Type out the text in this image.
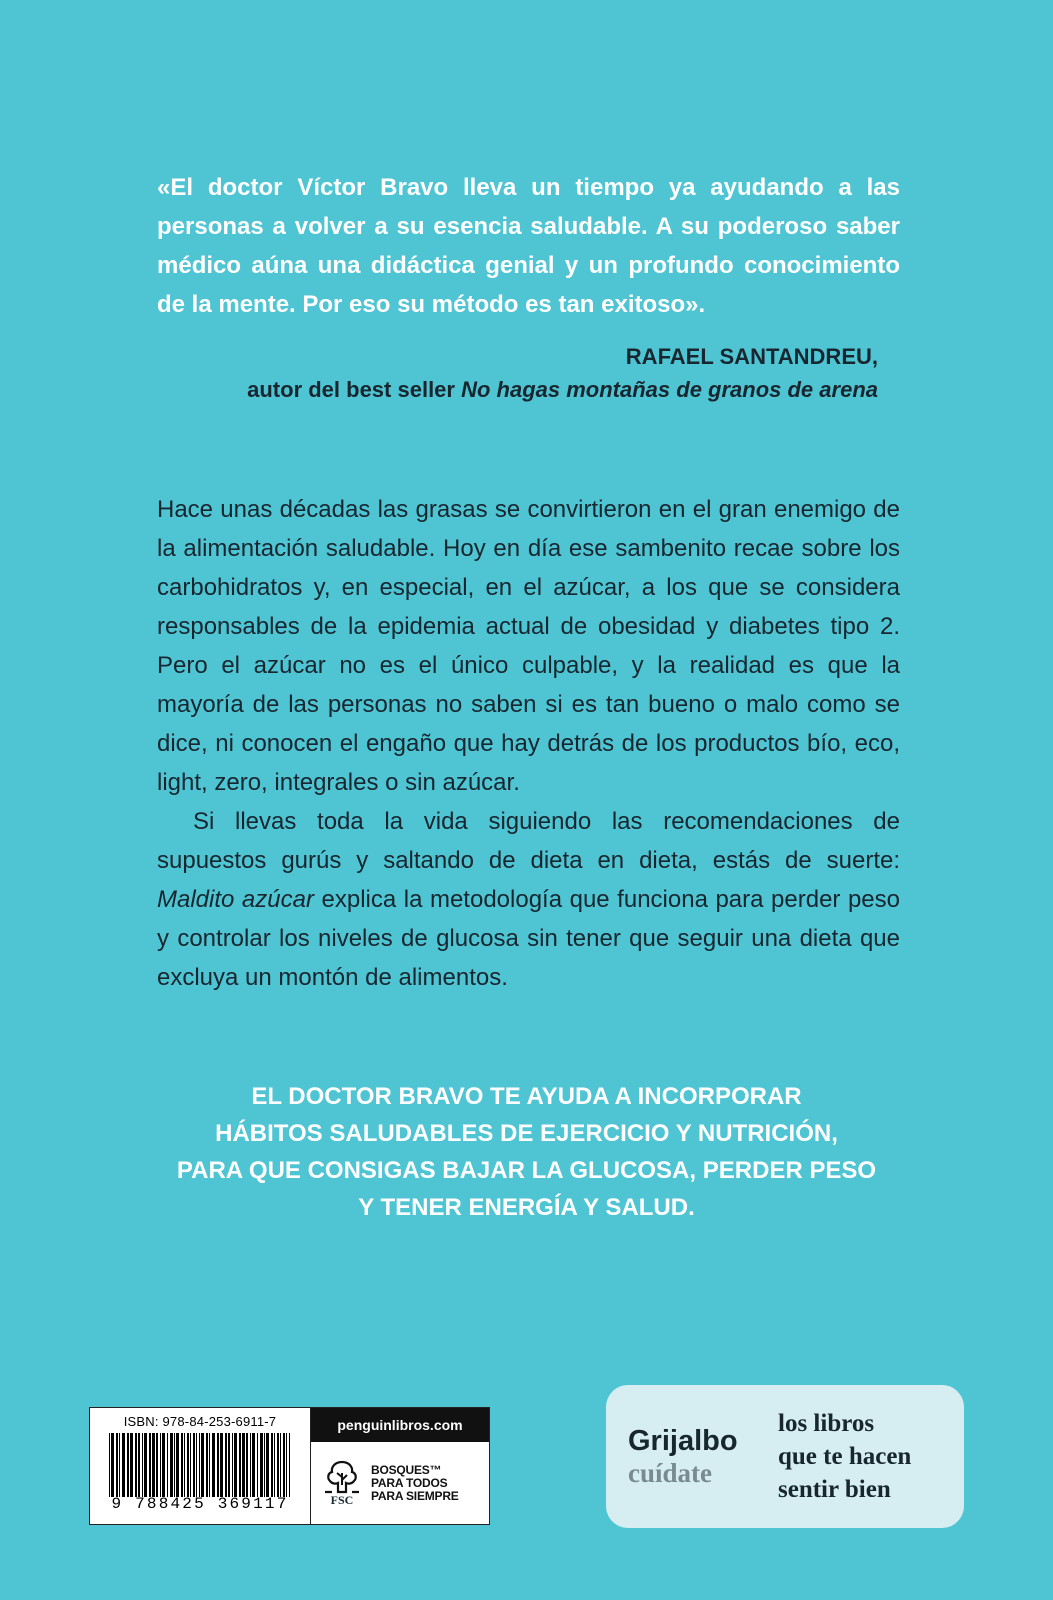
«El doctor Víctor Bravo lleva un tiempo ya ayudando a las personas a volver a su esencia saludable. A su poderoso saber médico aúna una didáctica genial y un profundo conocimiento de la mente. Por eso su método es tan exitoso».

RAFAEL SANTANDREU,
autor del best seller No hagas montañas de granos de arena

Hace unas décadas las grasas se convirtieron en el gran enemigo de la alimentación saludable. Hoy en día ese sambenito recae sobre los carbohidratos y, en especial, en el azúcar, a los que se considera responsables de la epidemia actual de obesidad y diabetes tipo 2. Pero el azúcar no es el único culpable, y la realidad es que la mayoría de las personas no saben si es tan bueno o malo como se dice, ni conocen el engaño que hay detrás de los productos bío, eco, light, zero, integrales o sin azúcar.

Si llevas toda la vida siguiendo las recomendaciones de supuestos gurús y saltando de dieta en dieta, estás de suerte: Maldito azúcar explica la metodología que funciona para perder peso y controlar los niveles de glucosa sin tener que seguir una dieta que excluya un montón de alimentos.

EL DOCTOR BRAVO TE AYUDA A INCORPORAR
HÁBITOS SALUDABLES DE EJERCICIO Y NUTRICIÓN,
PARA QUE CONSIGAS BAJAR LA GLUCOSA, PERDER PESO
Y TENER ENERGÍA Y SALUD.
ISBN: 978-84-253-6911-7
9 788425 369117
penguinlibros.com
FSC
BOSQUES™
PARA TODOS
PARA SIEMPRE
Grijalbo
cuídate
los libros
que te hacen
sentir bien
